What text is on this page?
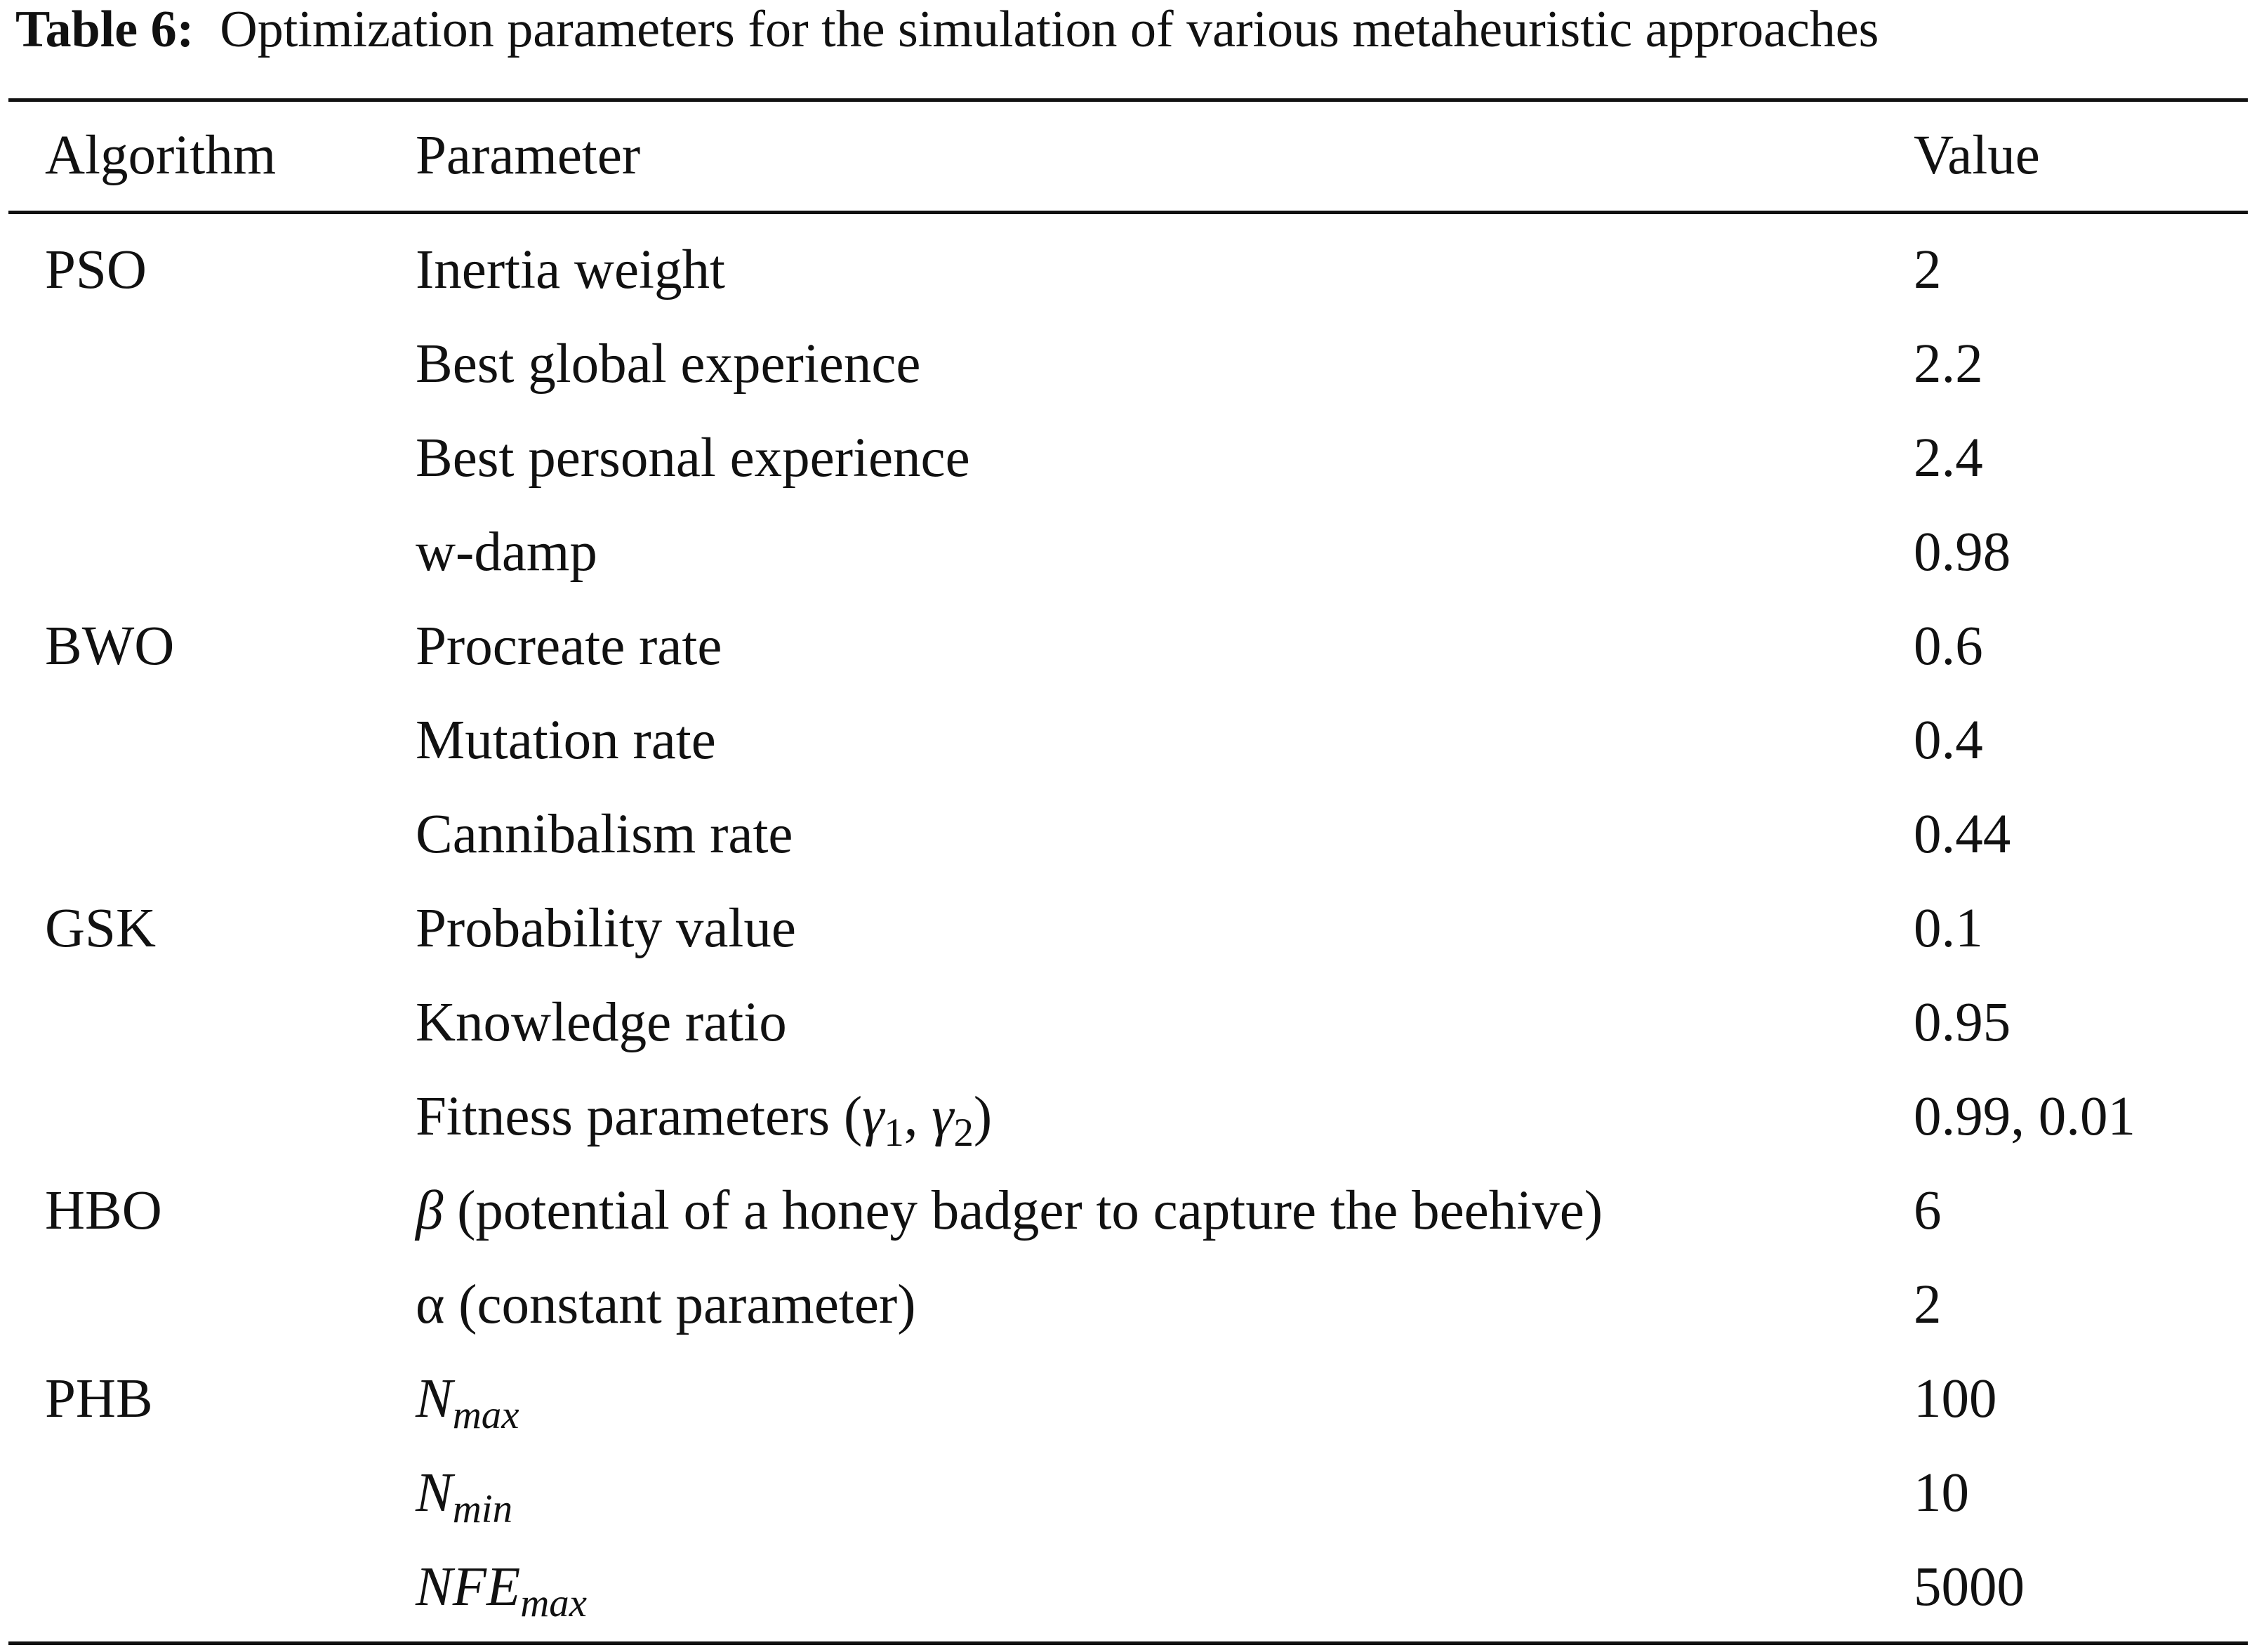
Table 6: Optimization parameters for the simulation of various metaheuristic approaches
Algorithm	Parameter	Value
PSO	Inertia weight	2
Best global experience	2.2
Best personal experience	2.4
w-damp	0.98
BWO	Procreate rate	0.6
Mutation rate	0.4
Cannibalism rate	0.44
GSK	Probability value	0.1
Knowledge ratio	0.95
Fitness parameters ($\gamma_1$, $\gamma_2$)	0.99, 0.01
HBO	β (potential of a honey badger to capture the beehive)	6
α (constant parameter)	2
PHB	$N_{max}$	100
$N_{min}$	10
$NFE_{max}$	5000
